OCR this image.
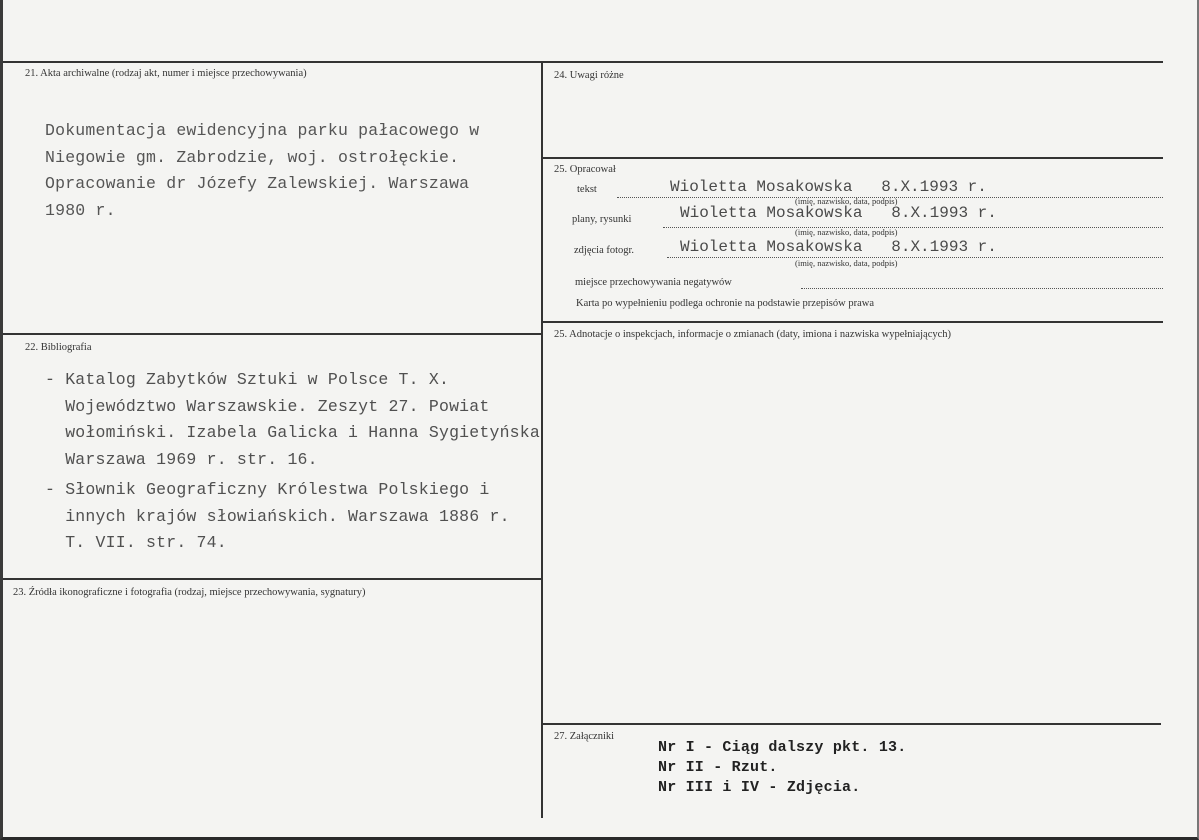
21. Akta archiwalne (rodzaj akt, numer i miejsce przechowywania)
Dokumentacja ewidencyjna parku pałacowego w
Niegowie gm. Zabrodzie, woj. ostrołęckie.
Opracowanie dr Józefy Zalewskiej. Warszawa
1980 r.
22. Bibliografia
- Katalog Zabytków Sztuki w Polsce T. X.
Województwo Warszawskie. Zeszyt 27. Powiat
wołomiński. Izabela Galicka i Hanna Sygietyńska
Warszawa 1969 r. str. 16.
- Słownik Geograficzny Królestwa Polskiego i
innych krajów słowiańskich. Warszawa 1886 r.
T. VII. str. 74.
23. Źródła ikonograficzne i fotografia (rodzaj, miejsce przechowywania, sygnatury)
24. Uwagi różne
25. Opracował
tekst	Wioletta Mosakowska   8.X.1993 r.
(imię, nazwisko, data, podpis)
plany, rysunki	Wioletta Mosakowska   8.X.1993 r.
(imię, nazwisko, data, podpis)
zdjęcia fotogr.	Wioletta Mosakowska   8.X.1993 r.
(imię, nazwisko, data, podpis)
miejsce przechowywania negatywów
Karta po wypełnieniu podlega ochronie na podstawie przepisów prawa
25. Adnotacje o inspekcjach, informacje o zmianach (daty, imiona i nazwiska wypełniających)
27. Załączniki
Nr I - Ciąg dalszy pkt. 13.
Nr II - Rzut.
Nr III i IV - Zdjęcia.
